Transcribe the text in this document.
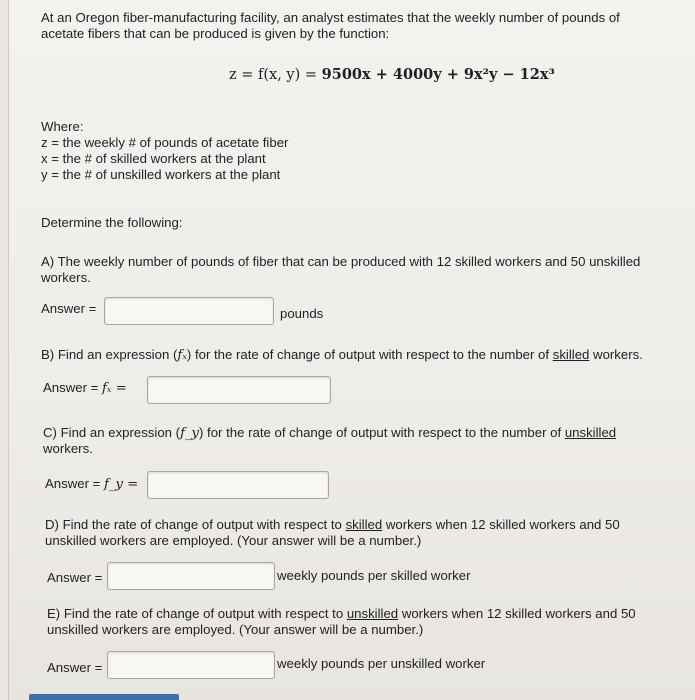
At an Oregon fiber-manufacturing facility, an analyst estimates that the weekly number of pounds of
acetate fibers that can be produced is given by the function:
z = f(x, y) = 9500x + 4000y + 9x²y − 12x³
Where:
z = the weekly # of pounds of acetate fiber
x = the # of skilled workers at the plant
y = the # of unskilled workers at the plant
Determine the following:
A) The weekly number of pounds of fiber that can be produced with 12 skilled workers and 50 unskilled
workers.
Answer =	pounds
B) Find an expression (fₓ) for the rate of change of output with respect to the number of skilled workers.
Answer = fₓ =
C) Find an expression (f_y) for the rate of change of output with respect to the number of unskilled
workers.
Answer = f_y =
D) Find the rate of change of output with respect to skilled workers when 12 skilled workers and 50
unskilled workers are employed. (Your answer will be a number.)
Answer =	weekly pounds per skilled worker
E) Find the rate of change of output with respect to unskilled workers when 12 skilled workers and 50
unskilled workers are employed. (Your answer will be a number.)
Answer =	weekly pounds per unskilled worker
